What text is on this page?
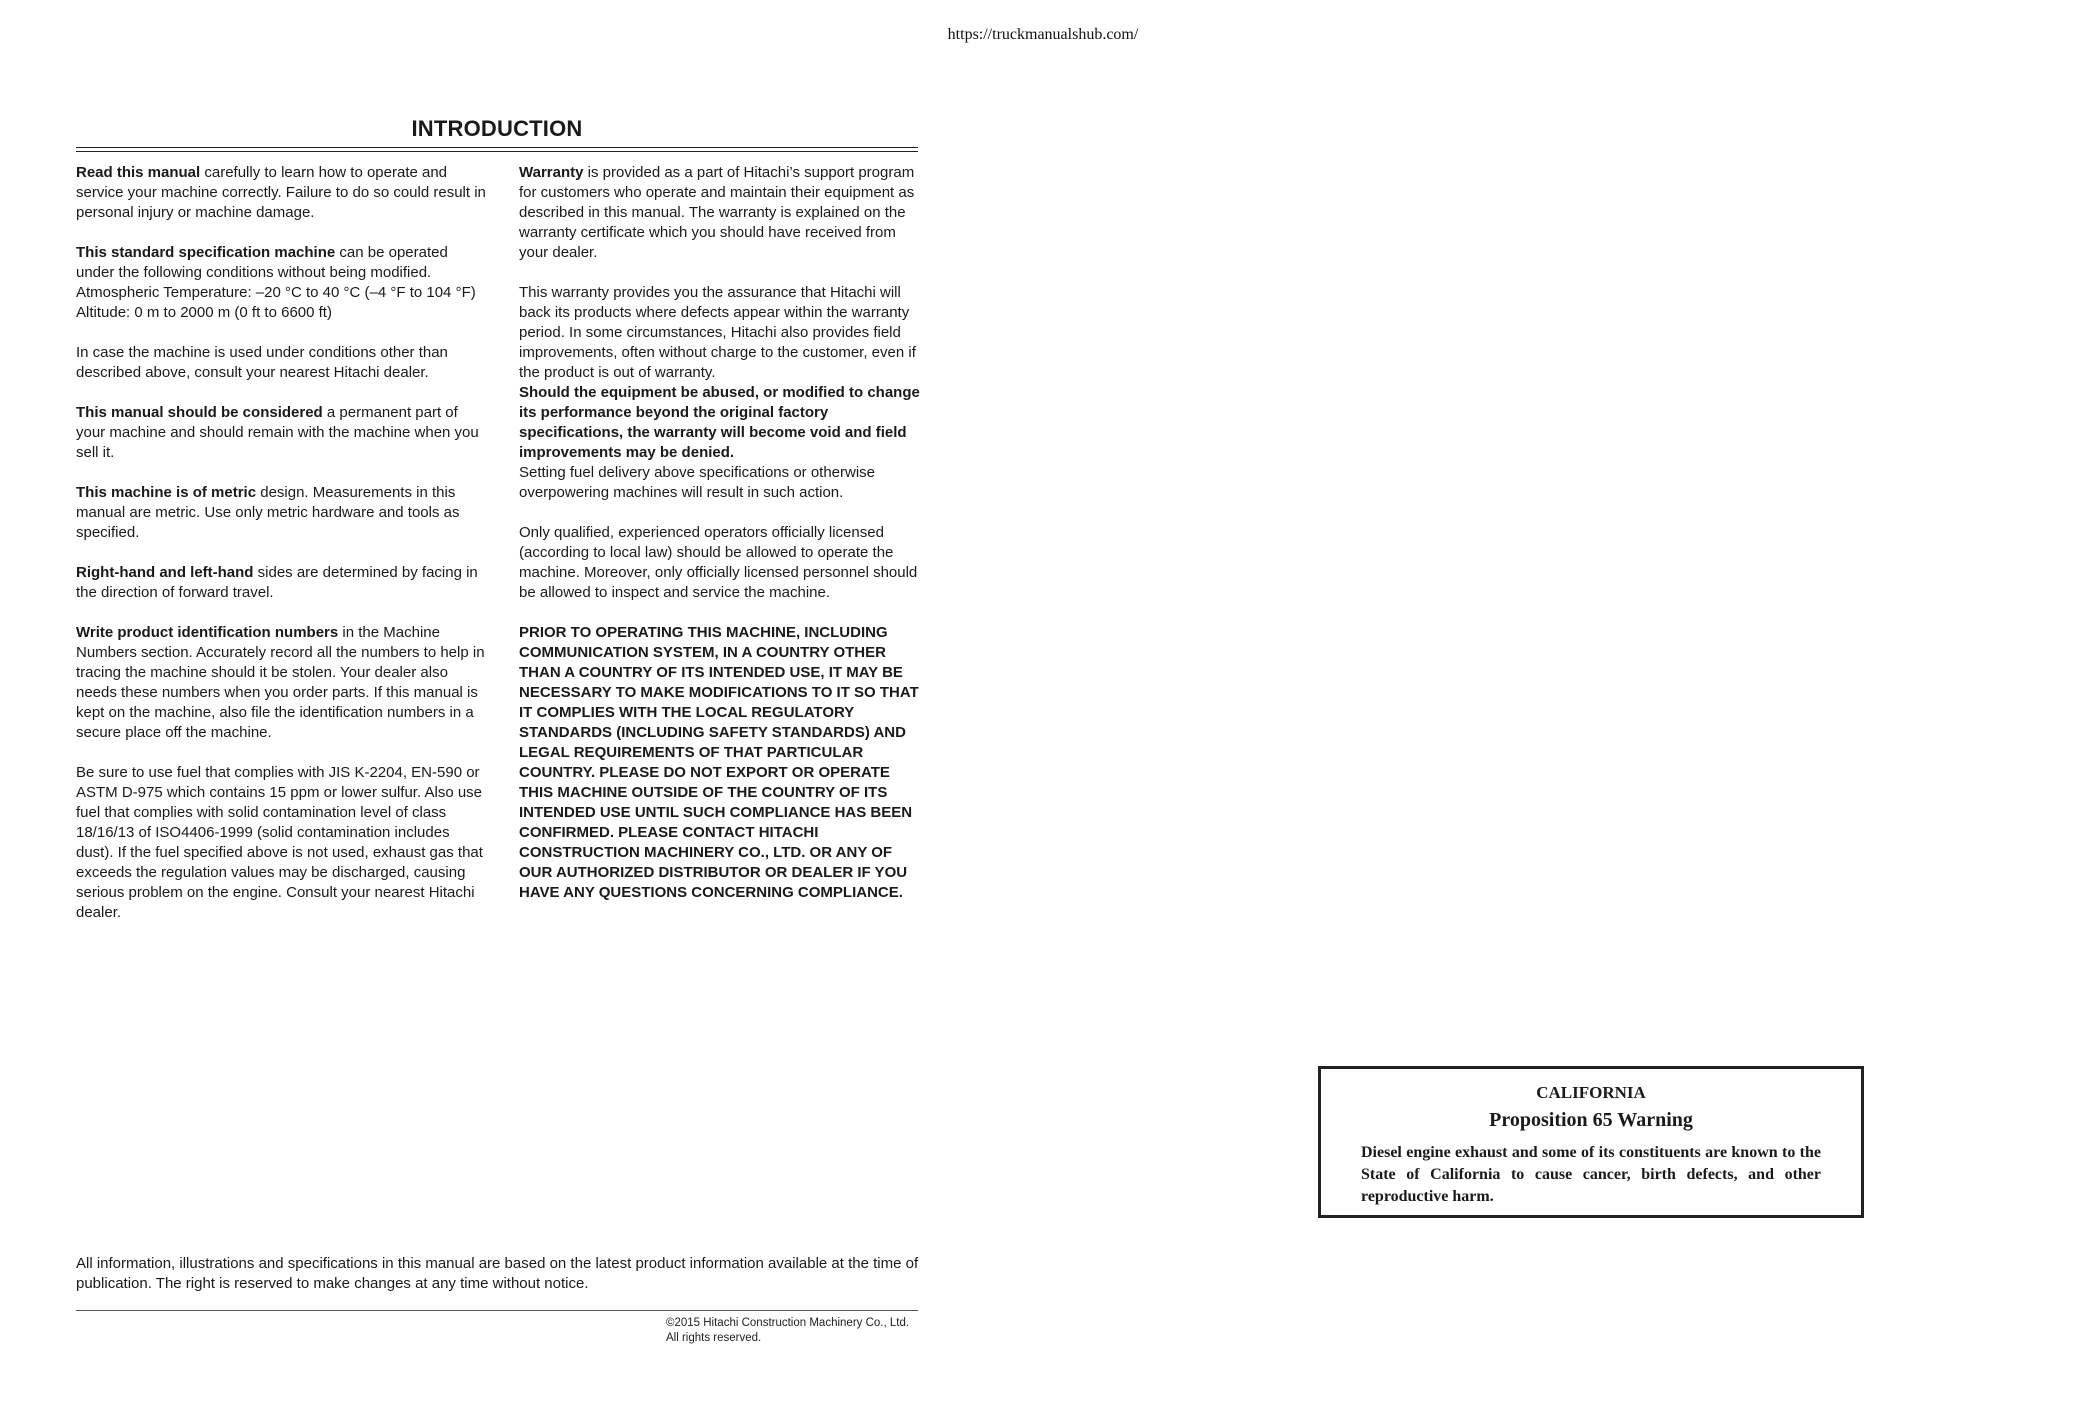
https://truckmanualshub.com/
INTRODUCTION

Read this manual carefully to learn how to operate and service your machine correctly. Failure to do so could result in personal injury or machine damage.

This standard specification machine can be operated under the following conditions without being modified.
Atmospheric Temperature: –20 °C to 40 °C (–4 °F to 104 °F)
Altitude: 0 m to 2000 m (0 ft to 6600 ft)

In case the machine is used under conditions other than described above, consult your nearest Hitachi dealer.

This manual should be considered a permanent part of your machine and should remain with the machine when you sell it.

This machine is of metric design. Measurements in this manual are metric. Use only metric hardware and tools as specified.

Right-hand and left-hand sides are determined by facing in the direction of forward travel.

Write product identification numbers in the Machine Numbers section. Accurately record all the numbers to help in tracing the machine should it be stolen. Your dealer also needs these numbers when you order parts. If this manual is kept on the machine, also file the identification numbers in a secure place off the machine.

Be sure to use fuel that complies with JIS K-2204, EN-590 or ASTM D-975 which contains 15 ppm or lower sulfur. Also use fuel that complies with solid contamination level of class 18/16/13 of ISO4406-1999 (solid contamination includes dust). If the fuel specified above is not used, exhaust gas that exceeds the regulation values may be discharged, causing serious problem on the engine. Consult your nearest Hitachi dealer.

Warranty is provided as a part of Hitachi’s support program for customers who operate and maintain their equipment as described in this manual. The warranty is explained on the warranty certificate which you should have received from your dealer.

This warranty provides you the assurance that Hitachi will back its products where defects appear within the warranty period. In some circumstances, Hitachi also provides field improvements, often without charge to the customer, even if the product is out of warranty.
Should the equipment be abused, or modified to change its performance beyond the original factory specifications, the warranty will become void and field improvements may be denied.
Setting fuel delivery above specifications or otherwise overpowering machines will result in such action.

Only qualified, experienced operators officially licensed (according to local law) should be allowed to operate the machine. Moreover, only officially licensed personnel should be allowed to inspect and service the machine.

PRIOR TO OPERATING THIS MACHINE, INCLUDING COMMUNICATION SYSTEM, IN A COUNTRY OTHER THAN A COUNTRY OF ITS INTENDED USE, IT MAY BE NECESSARY TO MAKE MODIFICATIONS TO IT SO THAT IT COMPLIES WITH THE LOCAL REGULATORY STANDARDS (INCLUDING SAFETY STANDARDS) AND LEGAL REQUIREMENTS OF THAT PARTICULAR COUNTRY. PLEASE DO NOT EXPORT OR OPERATE THIS MACHINE OUTSIDE OF THE COUNTRY OF ITS INTENDED USE UNTIL SUCH COMPLIANCE HAS BEEN CONFIRMED. PLEASE CONTACT HITACHI CONSTRUCTION MACHINERY CO., LTD. OR ANY OF OUR AUTHORIZED DISTRIBUTOR OR DEALER IF YOU HAVE ANY QUESTIONS CONCERNING COMPLIANCE.

All information, illustrations and specifications in this manual are based on the latest product information available at the time of publication. The right is reserved to make changes at any time without notice.
©2015 Hitachi Construction Machinery Co., Ltd.
All rights reserved.
CALIFORNIA
Proposition 65 Warning
Diesel engine exhaust and some of its constituents are known to the State of California to cause cancer, birth defects, and other reproductive harm.
